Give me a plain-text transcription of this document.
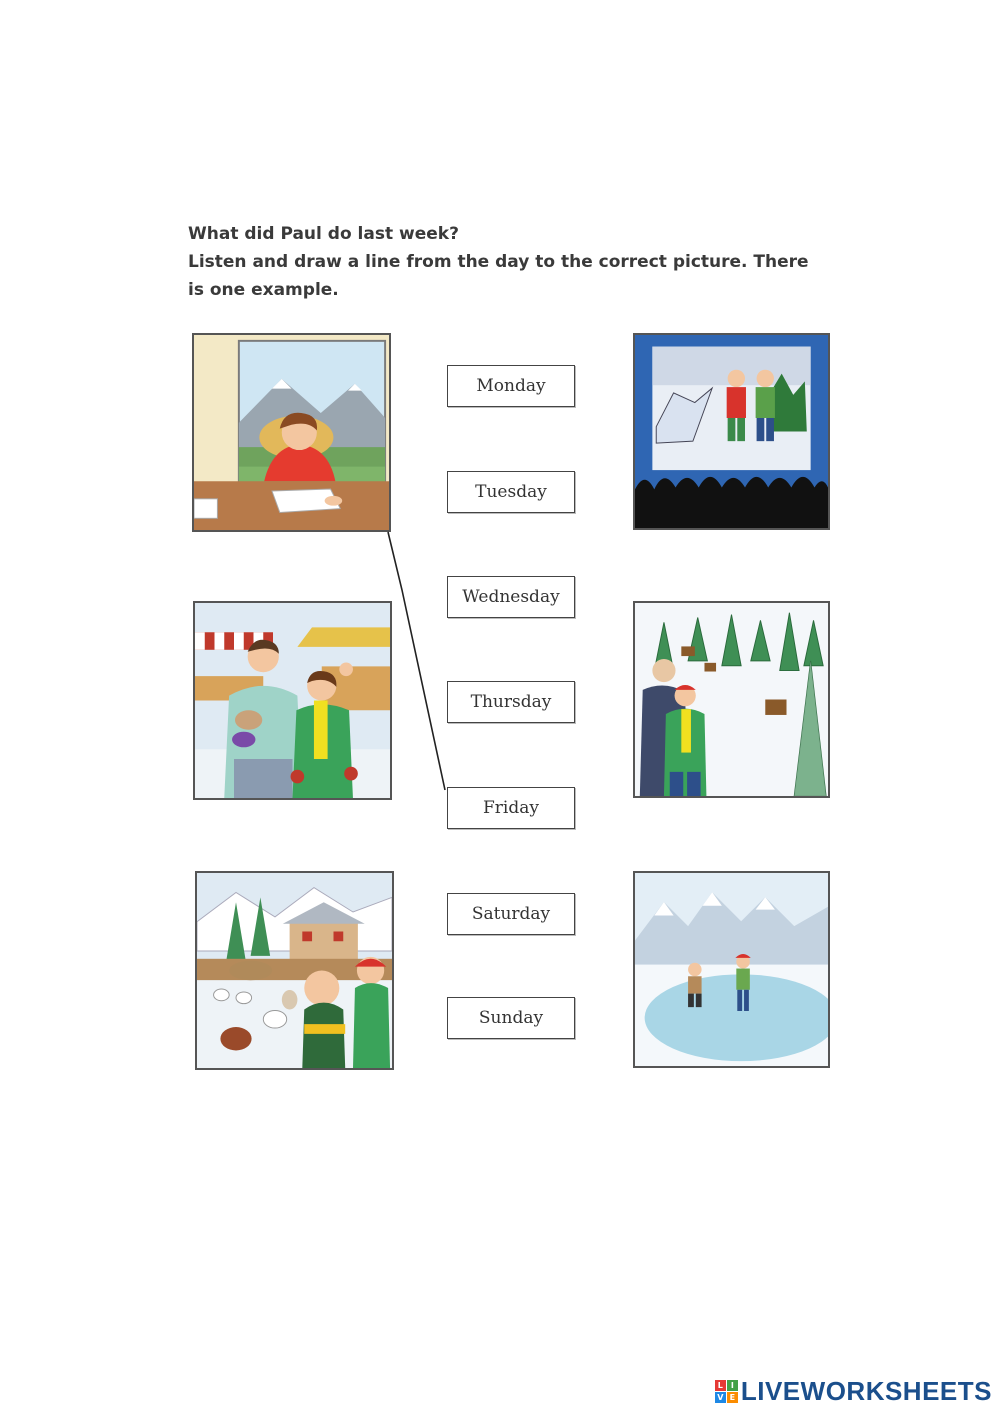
What did Paul do last week?

Listen and draw a line from the day to the correct picture. There is one example.

Monday
Tuesday
Wednesday
Thursday
Friday
Saturday
Sunday
L I
V E LIVEWORKSHEETS
